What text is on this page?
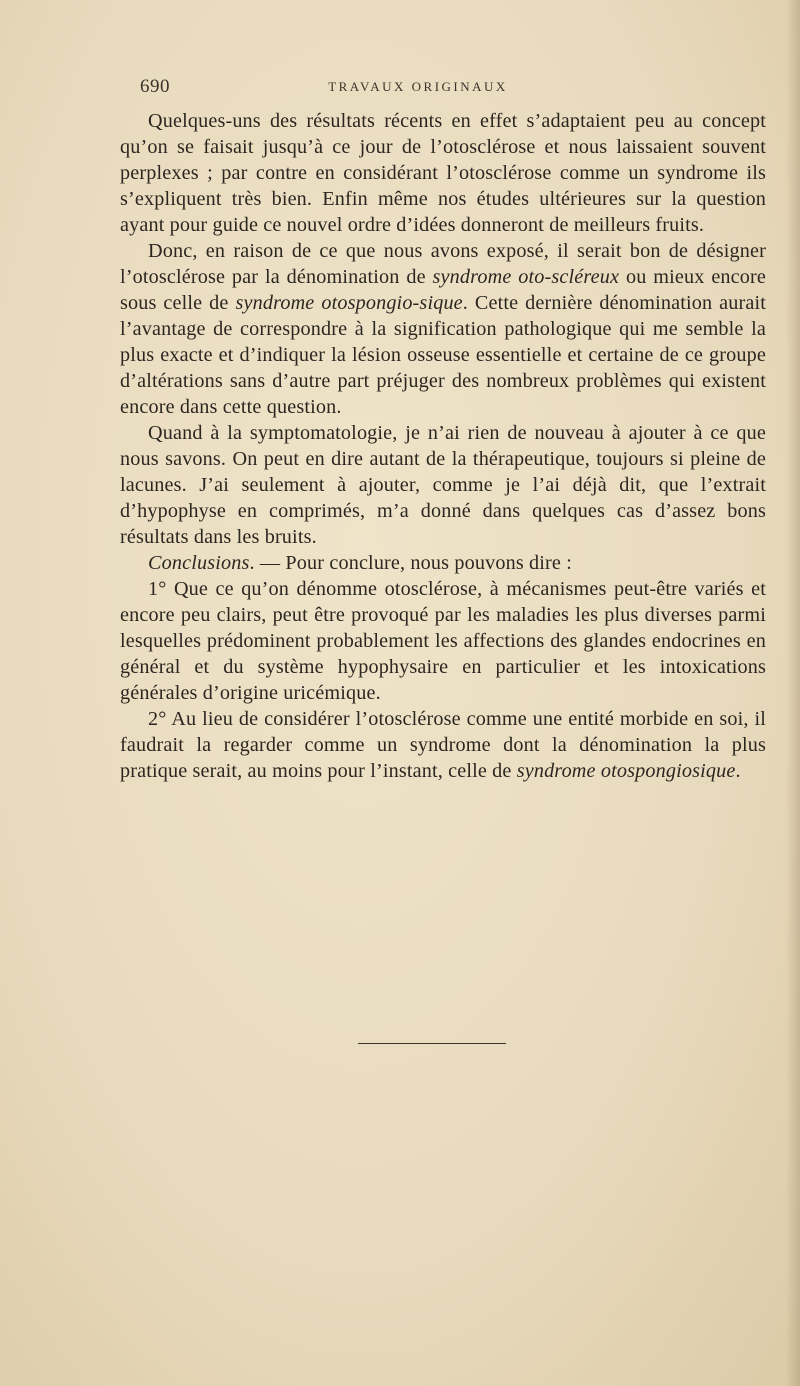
690	TRAVAUX ORIGINAUX

Quelques-uns des résultats récents en effet s’adaptaient peu au concept qu’on se faisait jusqu’à ce jour de l’otosclérose et nous laissaient souvent perplexes ; par contre en considérant l’otosclérose comme un syndrome ils s’expliquent très bien. Enfin même nos études ultérieures sur la question ayant pour guide ce nouvel ordre d’idées donneront de meilleurs fruits.

Donc, en raison de ce que nous avons exposé, il serait bon de désigner l’otosclérose par la dénomination de syndrome oto-scléreux ou mieux encore sous celle de syndrome otospongio-sique. Cette dernière dénomination aurait l’avantage de correspondre à la signification pathologique qui me semble la plus exacte et d’indiquer la lésion osseuse essentielle et certaine de ce groupe d’altérations sans d’autre part préjuger des nombreux problèmes qui existent encore dans cette question.

Quand à la symptomatologie, je n’ai rien de nouveau à ajouter à ce que nous savons. On peut en dire autant de la thérapeutique, toujours si pleine de lacunes. J’ai seulement à ajouter, comme je l’ai déjà dit, que l’extrait d’hypophyse en comprimés, m’a donné dans quelques cas d’assez bons résultats dans les bruits.

Conclusions. — Pour conclure, nous pouvons dire :

1° Que ce qu’on dénomme otosclérose, à mécanismes peut-être variés et encore peu clairs, peut être provoqué par les maladies les plus diverses parmi lesquelles prédominent probablement les affections des glandes endocrines en général et du système hypophysaire en particulier et les intoxications générales d’origine uricémique.

2° Au lieu de considérer l’otosclérose comme une entité morbide en soi, il faudrait la regarder comme un syndrome dont la dénomination la plus pratique serait, au moins pour l’instant, celle de syndrome otospongiosique.
